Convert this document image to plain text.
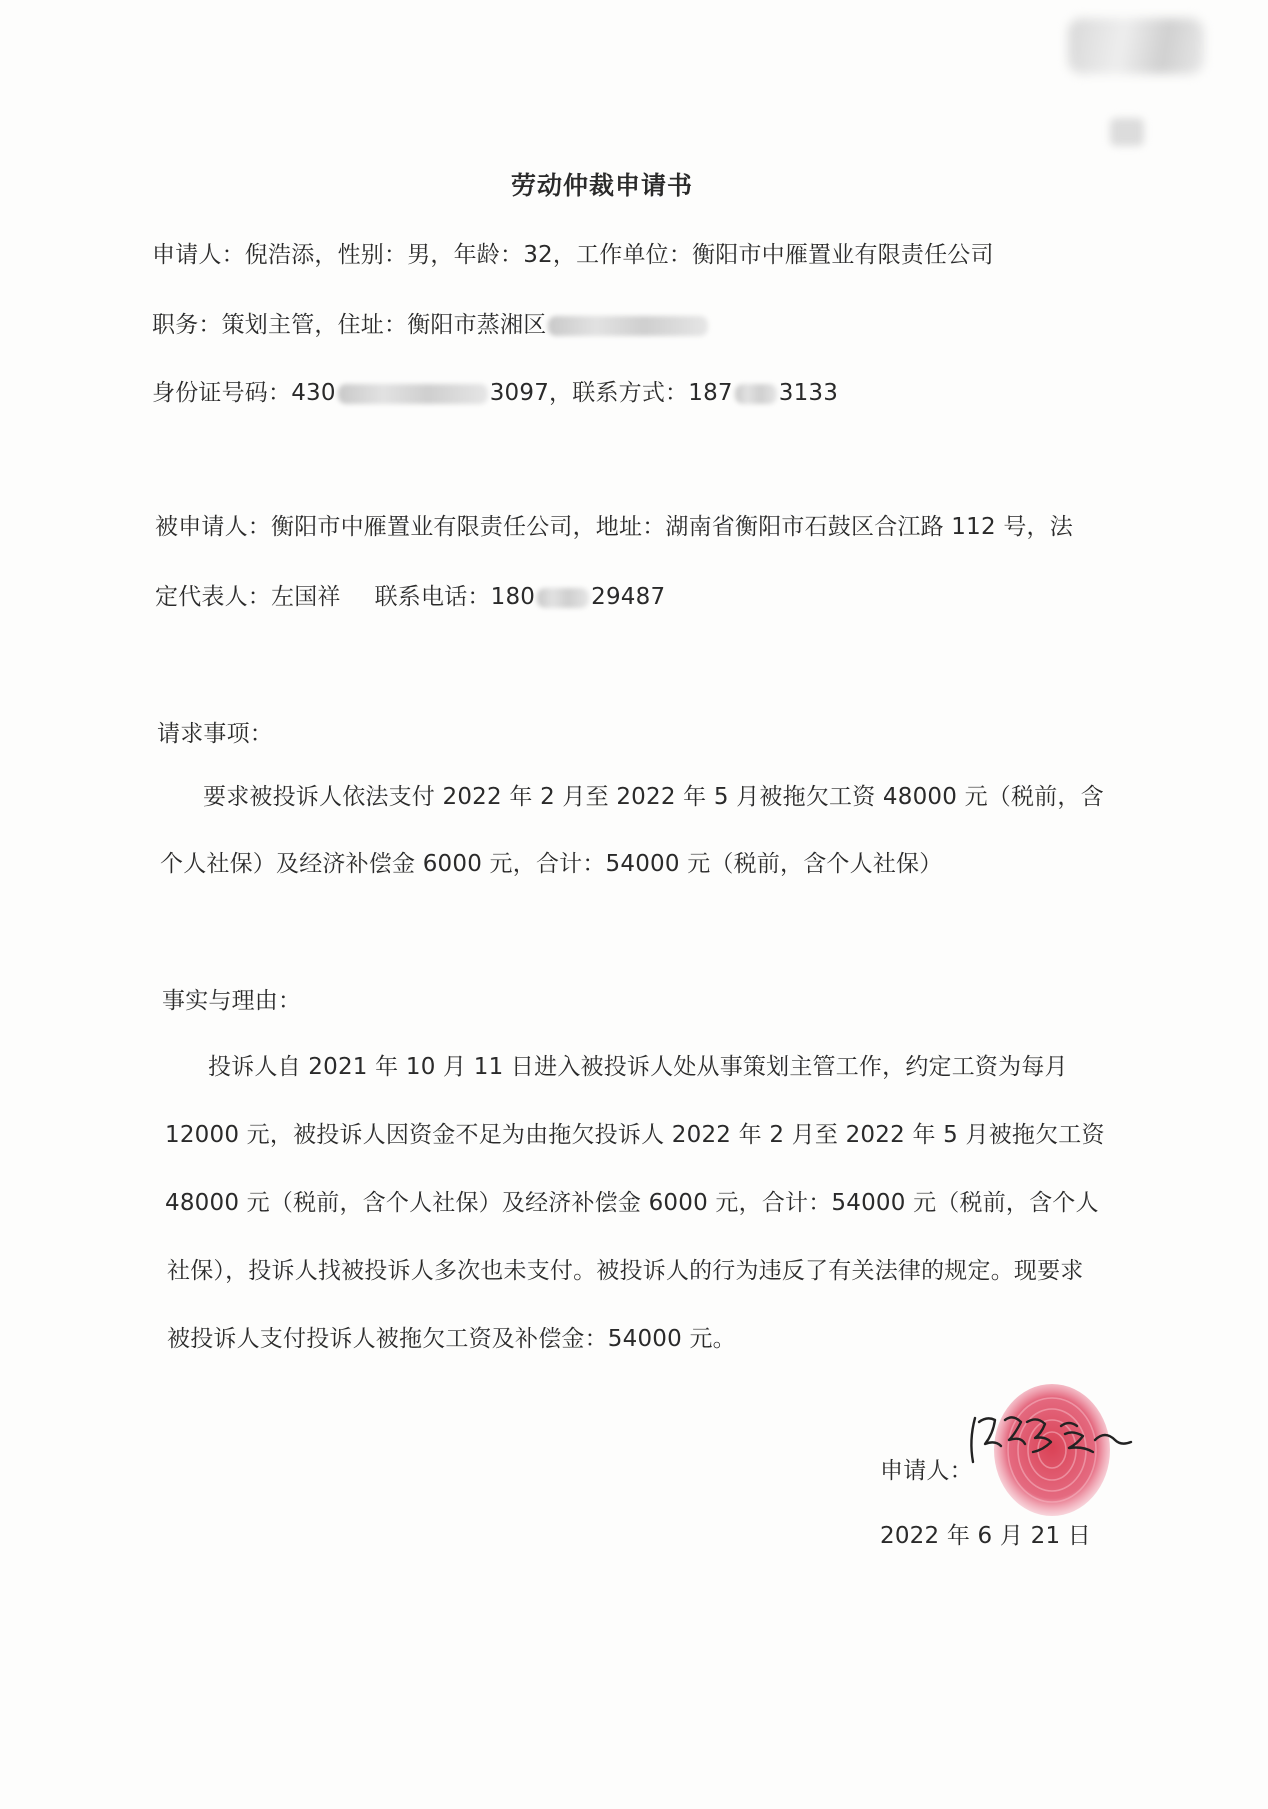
劳动仲裁申请书
申请人：倪浩添，性别：男，年龄：32，工作单位：衡阳市中雁置业有限责任公司
职务：策划主管，住址：衡阳市蒸湘区
身份证号码：430	3097，联系方式：187 3133
被申请人：衡阳市中雁置业有限责任公司，地址：湖南省衡阳市石鼓区合江路 112 号，法
定代表人：左国祥 联系电话：180 29487
请求事项：
要求被投诉人依法支付 2022 年 2 月至 2022 年 5 月被拖欠工资 48000 元（税前，含
个人社保）及经济补偿金 6000 元，合计：54000 元（税前，含个人社保）
事实与理由：
投诉人自 2021 年 10 月 11 日进入被投诉人处从事策划主管工作，约定工资为每月
12000 元，被投诉人因资金不足为由拖欠投诉人 2022 年 2 月至 2022 年 5 月被拖欠工资
48000 元（税前，含个人社保）及经济补偿金 6000 元，合计：54000 元（税前，含个人
社保），投诉人找被投诉人多次也未支付。被投诉人的行为违反了有关法律的规定。现要求
被投诉人支付投诉人被拖欠工资及补偿金：54000 元。
申请人：
2022 年 6 月 21 日
